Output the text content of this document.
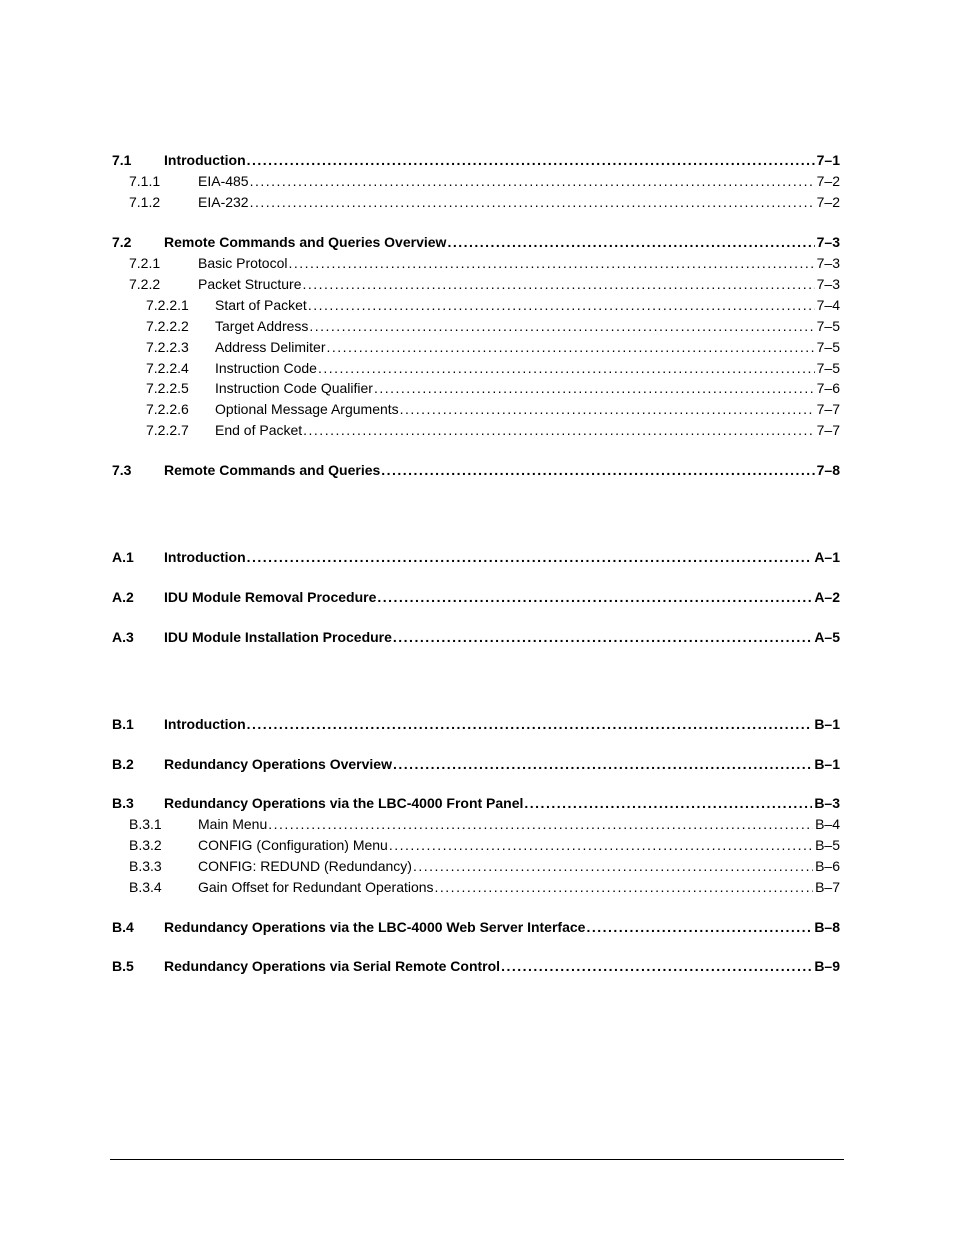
7.1 Introduction . . .	7–1
7.1.1	EIA-485 . . .	7–2
7.1.2	EIA-232 . . .	7–2
7.2 Remote Commands and Queries Overview . . .	7–3
7.2.1	Basic Protocol . . .	7–3
7.2.2	Packet Structure . . .	7–3
7.2.2.1 Start of Packet . . .	7–4
7.2.2.2 Target Address . . .	7–5
7.2.2.3 Address Delimiter . . .	7–5
7.2.2.4 Instruction Code . . .	7–5
7.2.2.5 Instruction Code Qualifier . . .	7–6
7.2.2.6 Optional Message Arguments . . .	7–7
7.2.2.7 End of Packet . . .	7–7
7.3 Remote Commands and Queries . . .	7–8
A.1 Introduction . . .	A–1
A.2 IDU Module Removal Procedure . . .	A–2
A.3 IDU Module Installation Procedure . . .	A–5
B.1 Introduction . . .	B–1
B.2 Redundancy Operations Overview . . .	B–1
B.3 Redundancy Operations via the LBC-4000 Front Panel . . .	B–3
B.3.1	Main Menu . . .	B–4
B.3.2	CONFIG (Configuration) Menu . . .	B–5
B.3.3	CONFIG: REDUND (Redundancy) . . .	B–6
B.3.4	Gain Offset for Redundant Operations . . .	B–7
B.4 Redundancy Operations via the LBC-4000 Web Server Interface . . .	B–8
B.5 Redundancy Operations via Serial Remote Control . . .	B–9
